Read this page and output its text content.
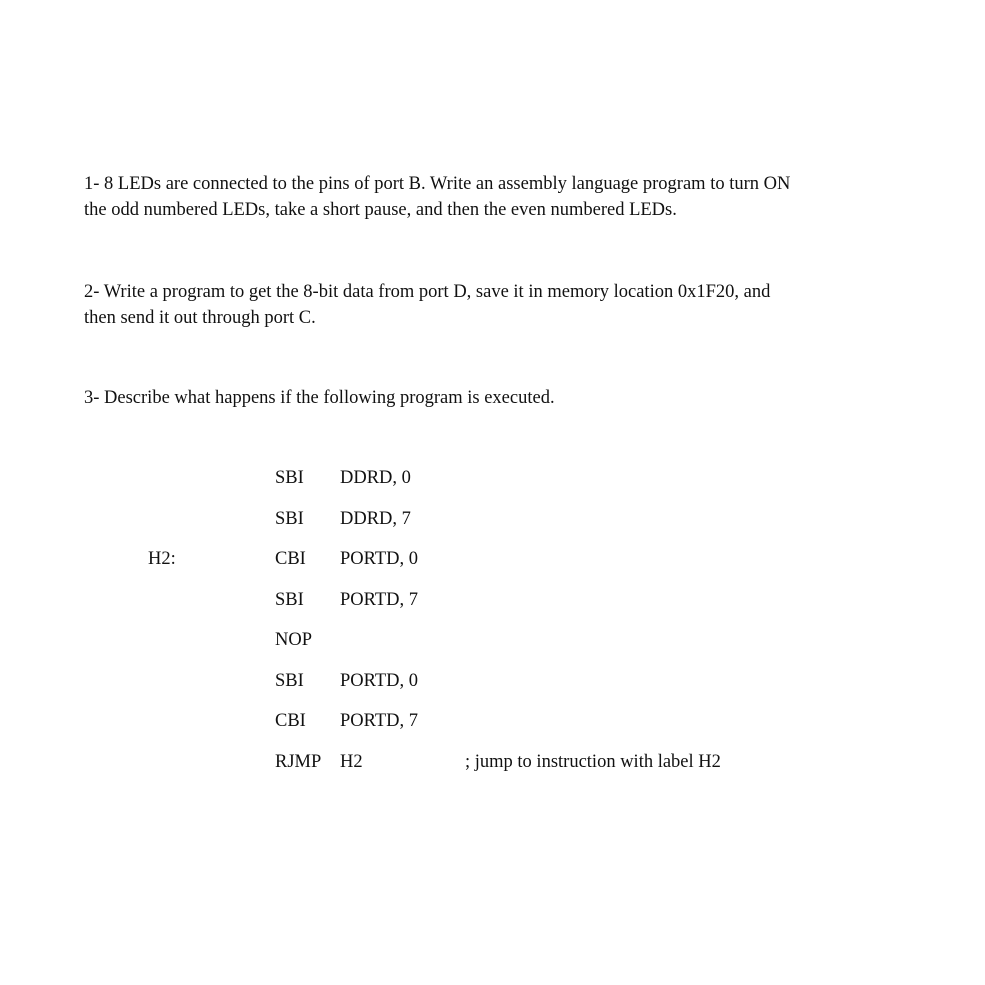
1- 8 LEDs are connected to the pins of port B. Write an assembly language program to turn ON
the odd numbered LEDs, take a short pause, and then the even numbered LEDs.

2- Write a program to get the 8-bit data from port D, save it in memory location 0x1F20, and
then send it out through port C.

3- Describe what happens if the following program is executed.

SBI DDRD, 0
SBI DDRD, 7
H2:	CBI PORTD, 0
SBI PORTD, 7
NOP
SBI PORTD, 0
CBI PORTD, 7
RJMP H2	; jump to instruction with label H2
